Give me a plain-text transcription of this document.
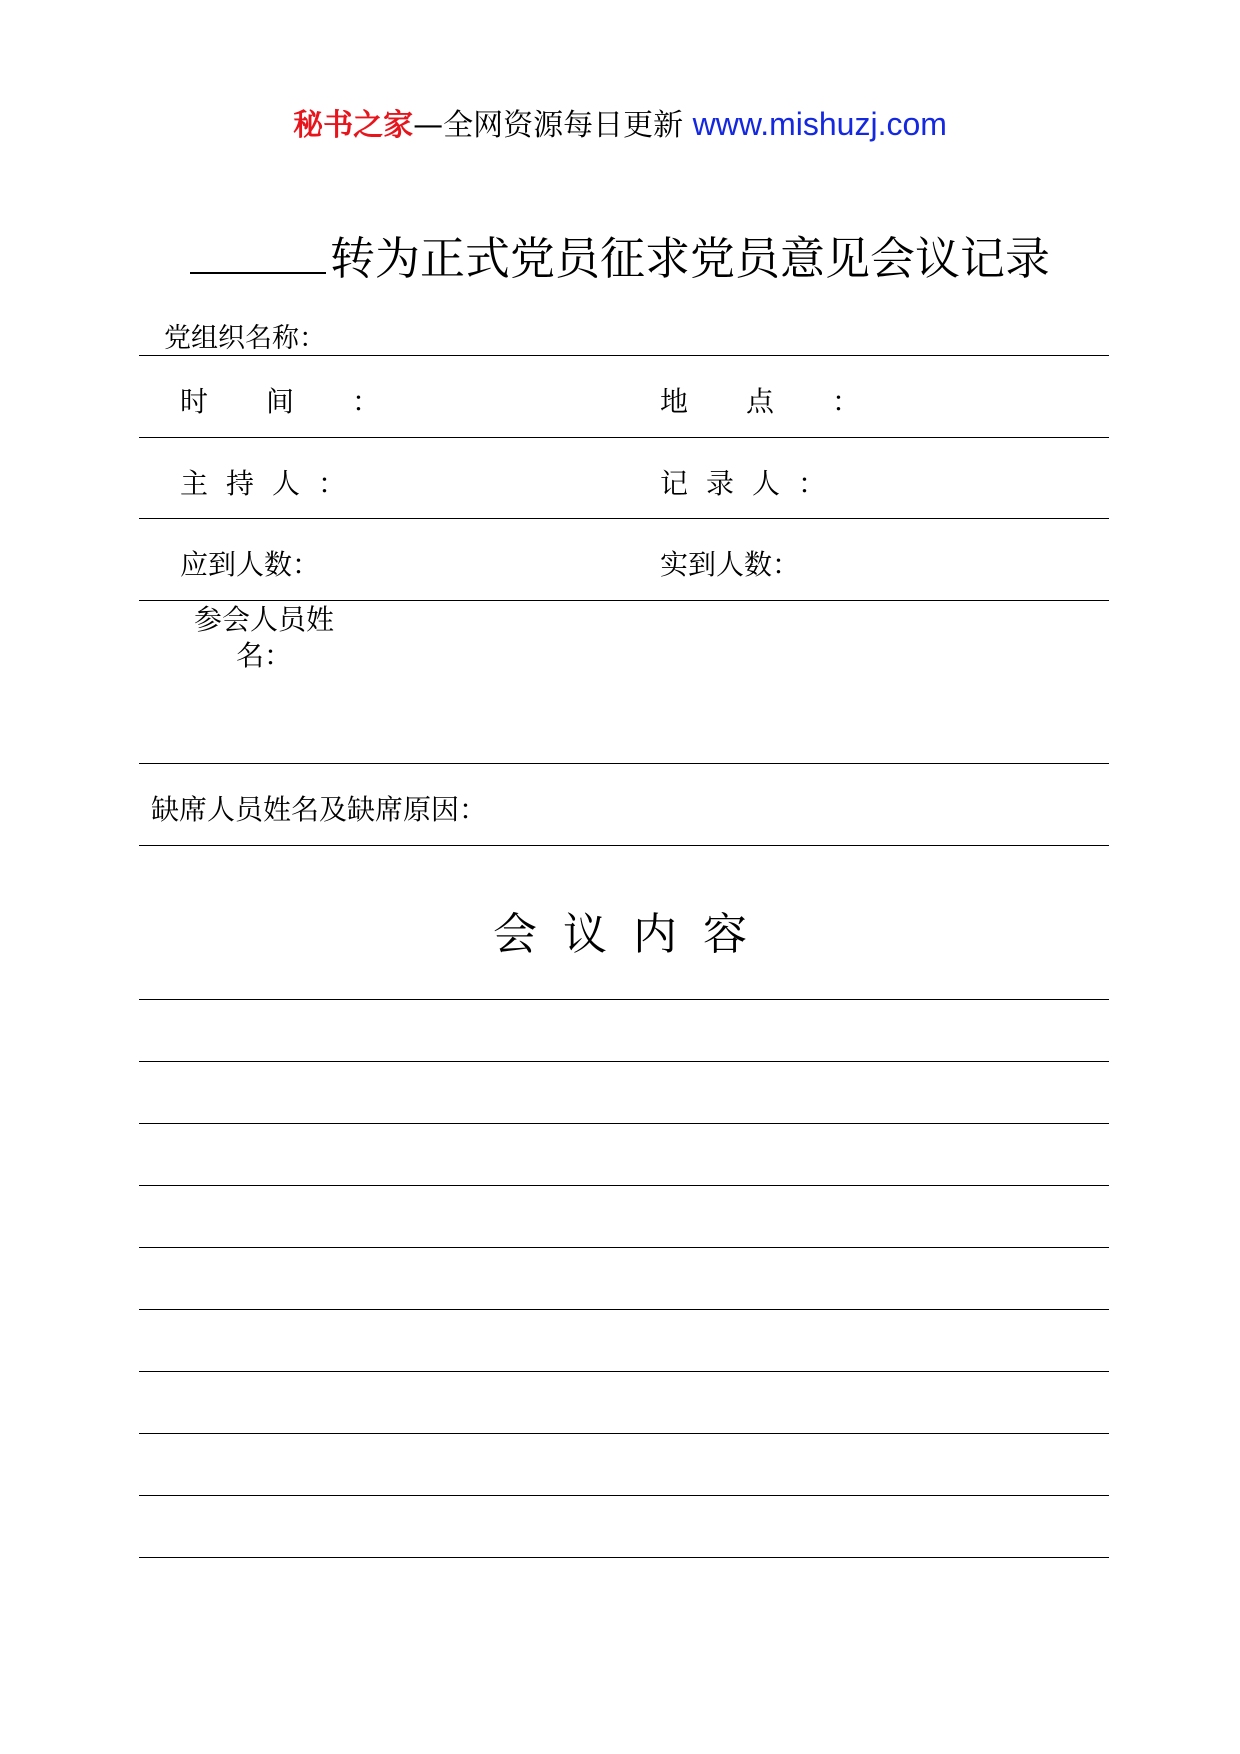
秘书之家—全网资源每日更新 www.mishuzj.com
转为正式党员征求党员意见会议记录
党组织名称：
时间：	地点：
主持人：	记录人：
应到人数：	实到人数：
参会人员姓名：
缺席人员姓名及缺席原因：
会议内容
